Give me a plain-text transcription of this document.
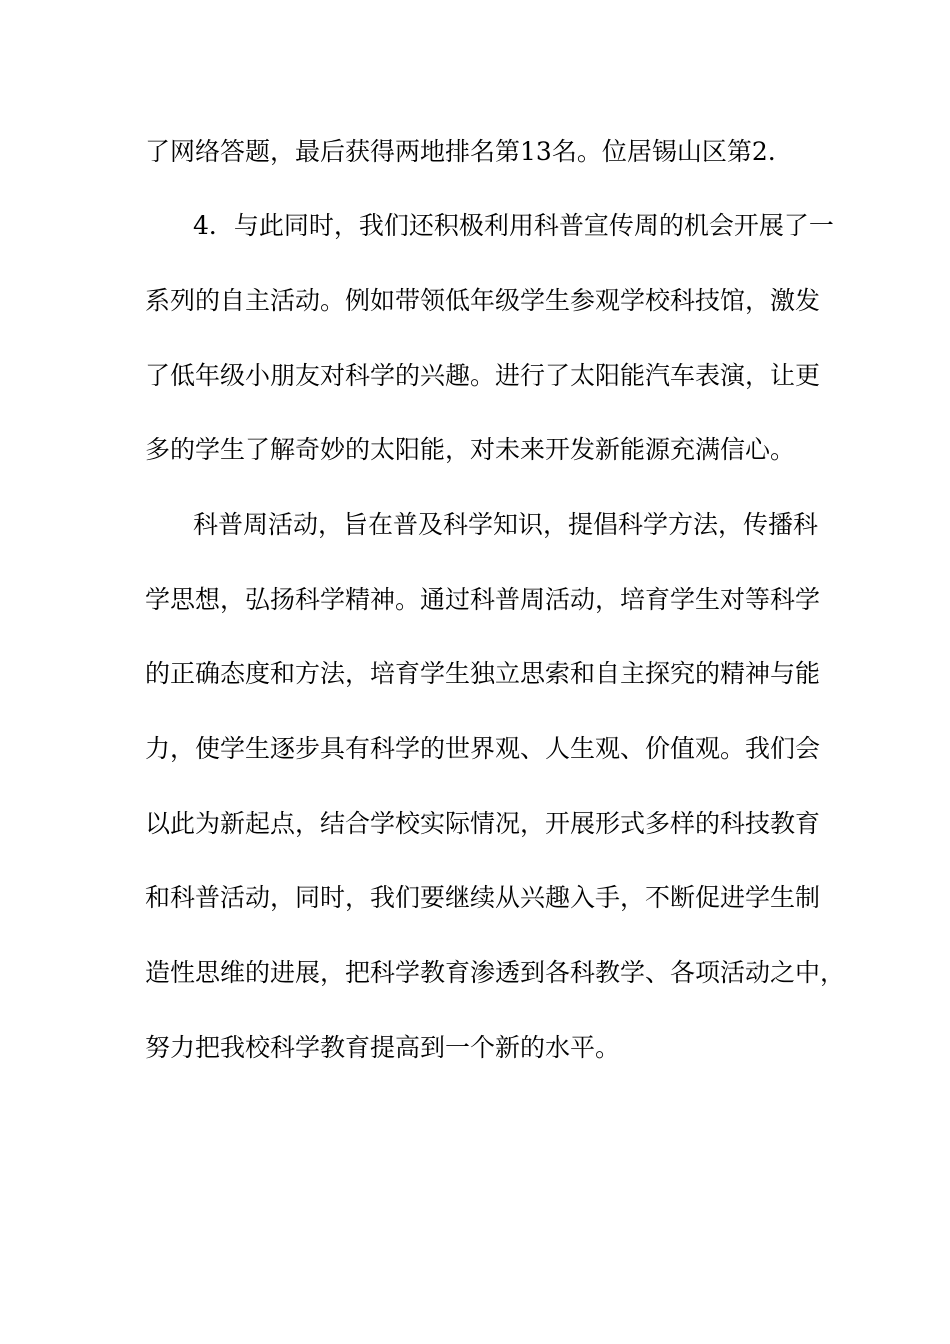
了网络答题，最后获得两地排名第13名。位居锡山区第2.
4．与此同时，我们还积极利用科普宣传周的机会开展了一
系列的自主活动。例如带领低年级学生参观学校科技馆，激发
了低年级小朋友对科学的兴趣。进行了太阳能汽车表演，让更
多的学生了解奇妙的太阳能，对未来开发新能源充满信心。
科普周活动，旨在普及科学知识，提倡科学方法，传播科
学思想，弘扬科学精神。通过科普周活动，培育学生对等科学
的正确态度和方法，培育学生独立思索和自主探究的精神与能
力，使学生逐步具有科学的世界观、人生观、价值观。我们会
以此为新起点，结合学校实际情况，开展形式多样的科技教育
和科普活动，同时，我们要继续从兴趣入手，不断促进学生制
造性思维的进展，把科学教育渗透到各科教学、各项活动之中，
努力把我校科学教育提高到一个新的水平。
